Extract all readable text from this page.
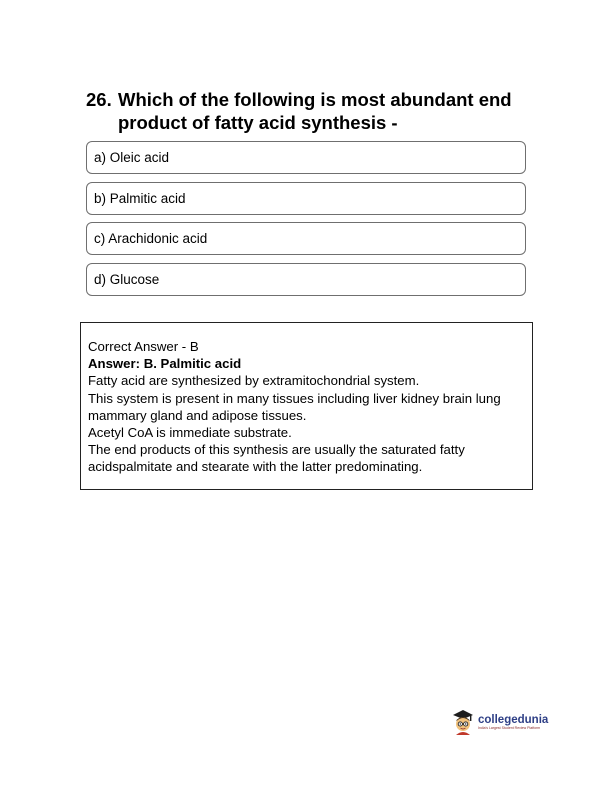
26. Which of the following is most abundant end product of fatty acid synthesis -
a) Oleic acid
b) Palmitic acid
c) Arachidonic acid
d) Glucose
Correct Answer - B
Answer: B. Palmitic acid
Fatty acid are synthesized by extramitochondrial system.
This system is present in many tissues including liver kidney brain lung mammary gland and adipose tissues.
Acetyl CoA is immediate substrate.
The end products of this synthesis are usually the saturated fatty acidspalmitate and stearate with the latter predominating.
collegedunia
India's Largest Student Review Platform
